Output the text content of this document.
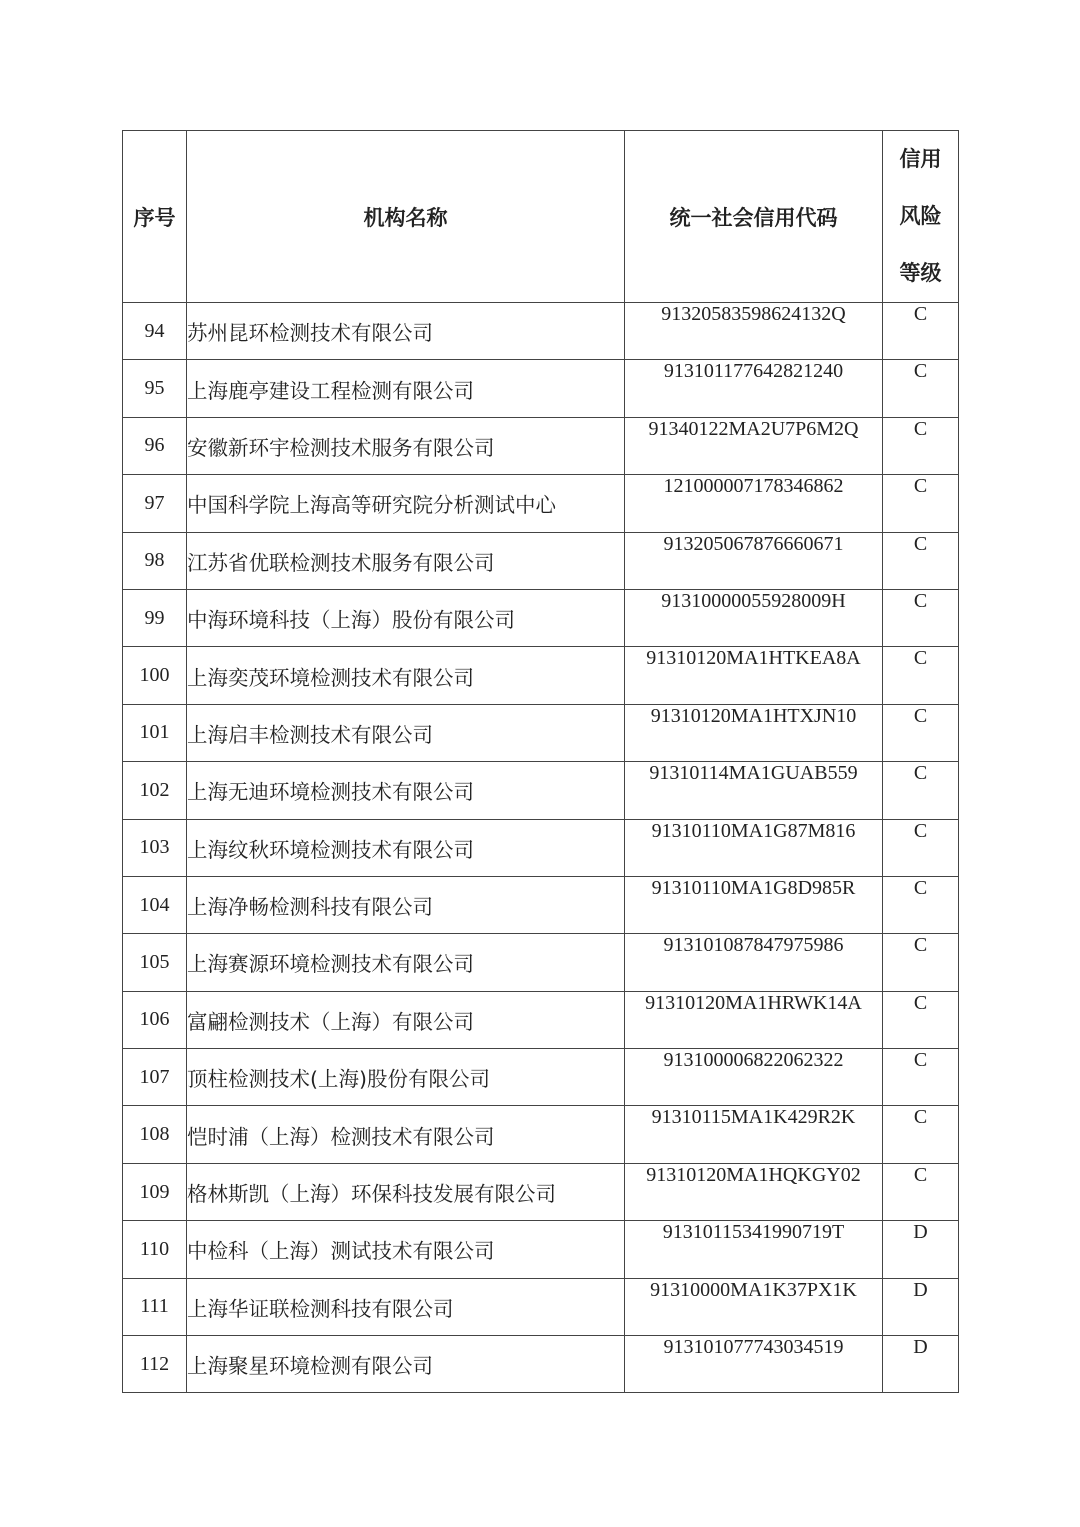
序号	机构名称	统一社会信用代码	信用
风险
等级

94	苏州昆环检测技术有限公司	91320583598624132Q	C
95	上海鹿亭建设工程检测有限公司	913101177642821240	C
96	安徽新环宇检测技术服务有限公司	91340122MA2U7P6M2Q	C
97	中国科学院上海高等研究院分析测试中心	121000007178346862	C
98	江苏省优联检测技术服务有限公司	913205067876660671	C
99	中海环境科技（上海）股份有限公司	91310000055928009H	C
100	上海奕茂环境检测技术有限公司	91310120MA1HTKEA8A	C
101	上海启丰检测技术有限公司	91310120MA1HTXJN10	C
102	上海无迪环境检测技术有限公司	91310114MA1GUAB559	C
103	上海纹秋环境检测技术有限公司	91310110MA1G87M816	C
104	上海净畅检测科技有限公司	91310110MA1G8D985R	C
105	上海赛源环境检测技术有限公司	913101087847975986	C
106	富翩检测技术（上海）有限公司	91310120MA1HRWK14A	C
107	顶柱检测技术(上海)股份有限公司	913100006822062322	C
108	恺时浦（上海）检测技术有限公司	91310115MA1K429R2K	C
109	格林斯凯（上海）环保科技发展有限公司	91310120MA1HQKGY02	C
110	中检科（上海）测试技术有限公司	91310115341990719T	D
111	上海华证联检测科技有限公司	91310000MA1K37PX1K	D
112	上海聚星环境检测有限公司	913101077743034519	D
